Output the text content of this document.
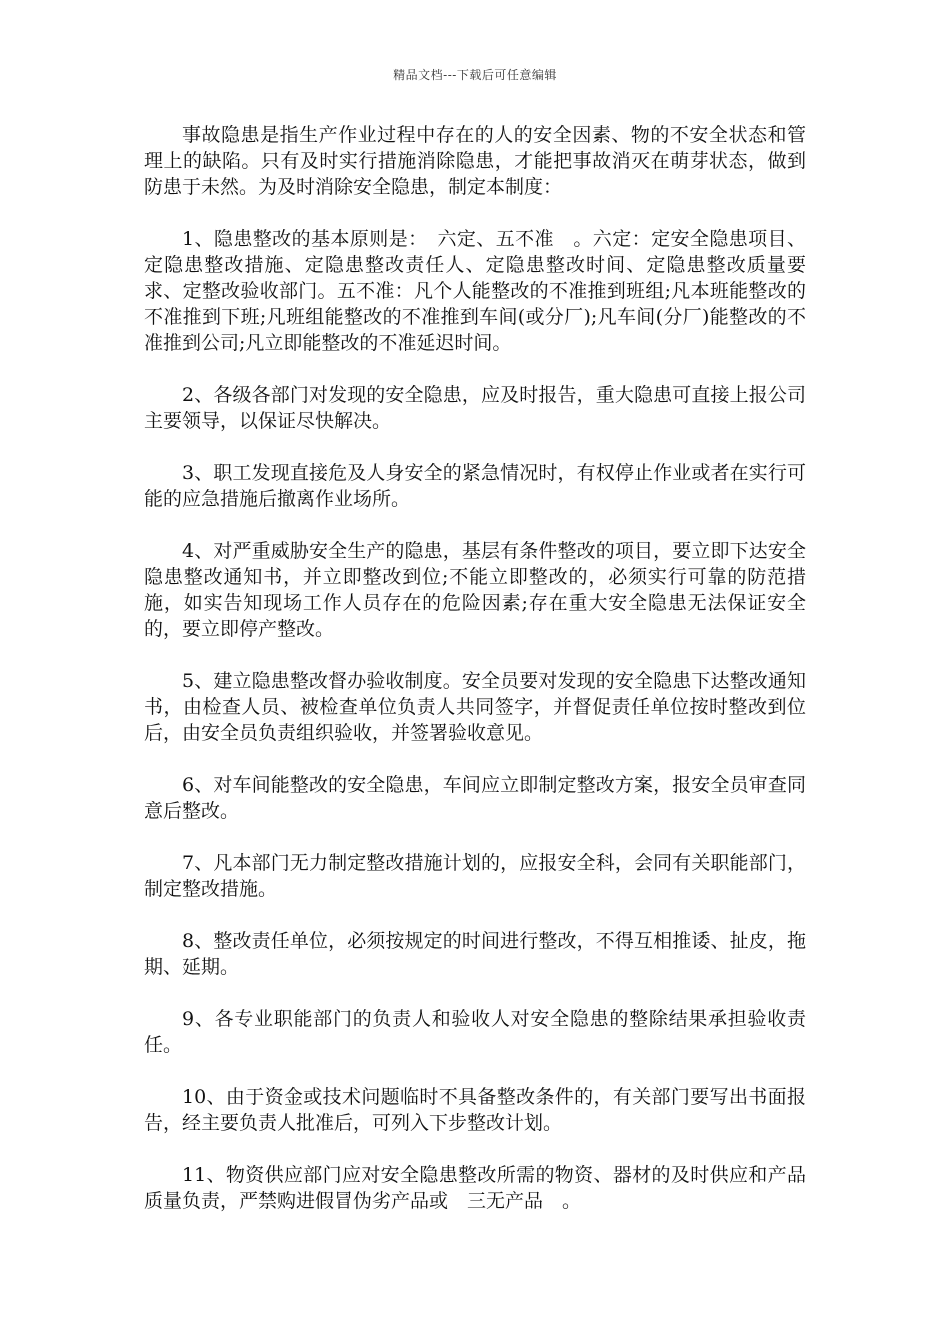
精品文档---下载后可任意编辑

事故隐患是指生产作业过程中存在的人的安全因素、物的不安全状态和管理上的缺陷。只有及时实行措施消除隐患，才能把事故消灭在萌芽状态，做到防患于未然。为及时消除安全隐患，制定本制度：

1、隐患整改的基本原则是：　六定、五不准　。六定：定安全隐患项目、定隐患整改措施、定隐患整改责任人、定隐患整改时间、定隐患整改质量要求、定整改验收部门。五不准：凡个人能整改的不准推到班组;凡本班能整改的不准推到下班;凡班组能整改的不准推到车间(或分厂);凡车间(分厂)能整改的不准推到公司;凡立即能整改的不准延迟时间。

2、各级各部门对发现的安全隐患，应及时报告，重大隐患可直接上报公司主要领导，以保证尽快解决。

3、职工发现直接危及人身安全的紧急情况时，有权停止作业或者在实行可能的应急措施后撤离作业场所。

4、对严重威胁安全生产的隐患，基层有条件整改的项目，要立即下达安全隐患整改通知书，并立即整改到位;不能立即整改的，必须实行可靠的防范措施，如实告知现场工作人员存在的危险因素;存在重大安全隐患无法保证安全的，要立即停产整改。

5、建立隐患整改督办验收制度。安全员要对发现的安全隐患下达整改通知书，由检查人员、被检查单位负责人共同签字，并督促责任单位按时整改到位后，由安全员负责组织验收，并签署验收意见。

6、对车间能整改的安全隐患，车间应立即制定整改方案，报安全员审查同意后整改。

7、凡本部门无力制定整改措施计划的，应报安全科，会同有关职能部门，制定整改措施。

8、整改责任单位，必须按规定的时间进行整改，不得互相推诿、扯皮，拖期、延期。

9、各专业职能部门的负责人和验收人对安全隐患的整除结果承担验收责任。

10、由于资金或技术问题临时不具备整改条件的，有关部门要写出书面报告，经主要负责人批准后，可列入下步整改计划。

11、物资供应部门应对安全隐患整改所需的物资、器材的及时供应和产品质量负责，严禁购进假冒伪劣产品或　三无产品　。
